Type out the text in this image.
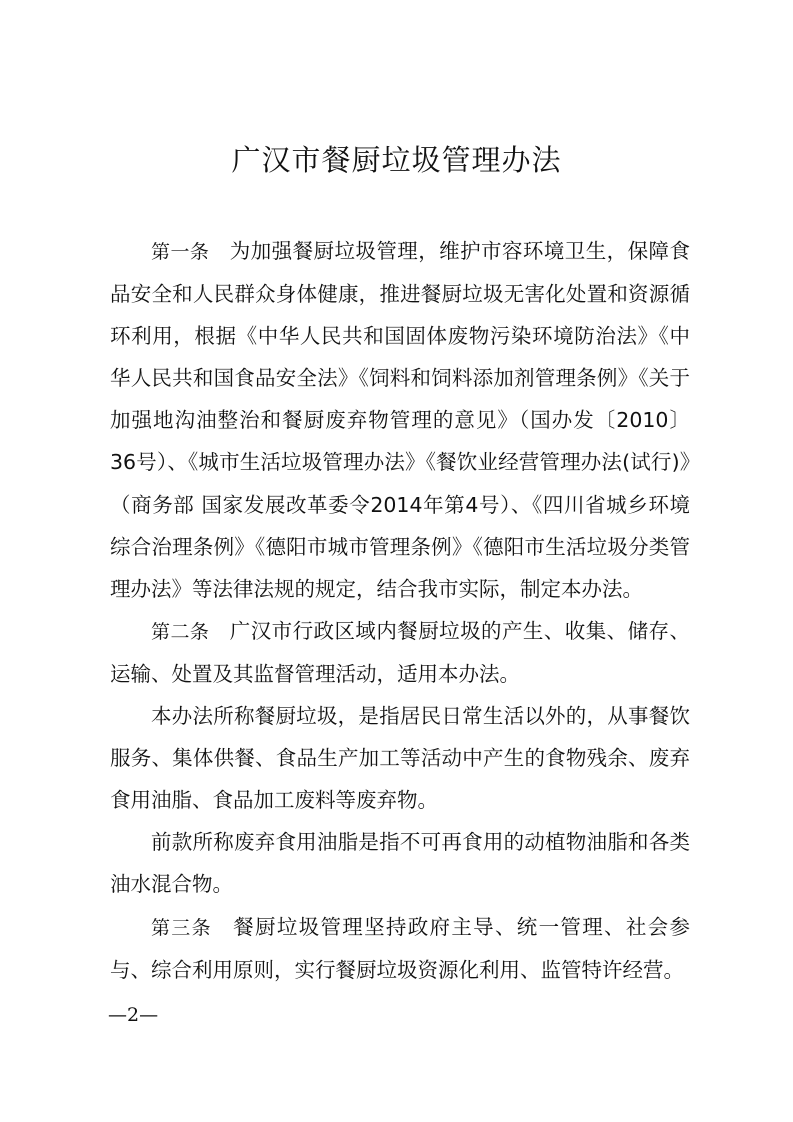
广汉市餐厨垃圾管理办法

第一条 为加强餐厨垃圾管理，维护市容环境卫生，保障食品安全和人民群众身体健康，推进餐厨垃圾无害化处置和资源循环利用，根据《中华人民共和国固体废物污染环境防治法》《中华人民共和国食品安全法》《饲料和饲料添加剂管理条例》《关于加强地沟油整治和餐厨废弃物管理的意见》（国办发〔2010〕36号）、《城市生活垃圾管理办法》《餐饮业经营管理办法(试行)》（商务部 国家发展改革委令2014年第4号）、《四川省城乡环境综合治理条例》《德阳市城市管理条例》《德阳市生活垃圾分类管理办法》等法律法规的规定，结合我市实际，制定本办法。

第二条 广汉市行政区域内餐厨垃圾的产生、收集、储存、运输、处置及其监督管理活动，适用本办法。

本办法所称餐厨垃圾，是指居民日常生活以外的，从事餐饮服务、集体供餐、食品生产加工等活动中产生的食物残余、废弃食用油脂、食品加工废料等废弃物。

前款所称废弃食用油脂是指不可再食用的动植物油脂和各类油水混合物。

第三条 餐厨垃圾管理坚持政府主导、统一管理、社会参与、综合利用原则，实行餐厨垃圾资源化利用、监管特许经营。

—2—
